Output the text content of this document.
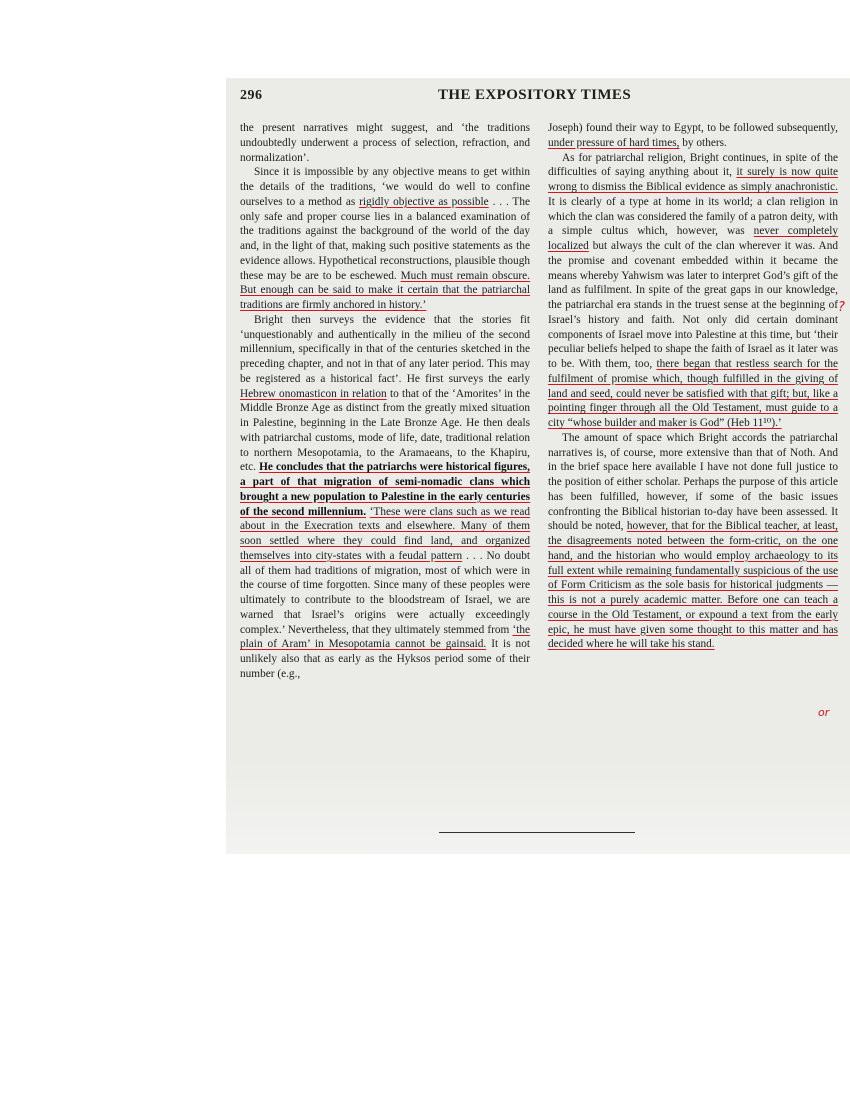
296	THE EXPOSITORY TIMES

the present narratives might suggest, and ‘the traditions undoubtedly underwent a process of selection, refraction, and normalization’.

Since it is impossible by any objective means to get within the details of the traditions, ‘we would do well to confine ourselves to a method as rigidly objective as possible . . . The only safe and proper course lies in a balanced examination of the traditions against the background of the world of the day and, in the light of that, making such positive statements as the evidence allows. Hypothetical reconstructions, plausible though these may be are to be eschewed. Much must remain obscure. But enough can be said to make it certain that the patriarchal traditions are firmly anchored in history.’

Bright then surveys the evidence that the stories fit ‘unquestionably and authentically in the milieu of the second millennium, specifically in that of the centuries sketched in the preceding chapter, and not in that of any later period. This may be registered as a historical fact’. He first surveys the early Hebrew onomasticon in relation to that of the ‘Amorites’ in the Middle Bronze Age as distinct from the greatly mixed situation in Palestine, beginning in the Late Bronze Age. He then deals with patriarchal customs, mode of life, date, traditional relation to northern Mesopotamia, to the Aramaeans, to the Khapiru, etc. He concludes that the patriarchs were historical figures, a part of that migration of semi-nomadic clans which brought a new population to Palestine in the early centuries of the second millennium. ‘These were clans such as we read about in the Execration texts and elsewhere. Many of them soon settled where they could find land, and organized themselves into city-states with a feudal pattern . . . No doubt all of them had traditions of migration, most of which were in the course of time forgotten. Since many of these peoples were ultimately to contribute to the bloodstream of Israel, we are warned that Israel’s origins were actually exceedingly complex.’ Nevertheless, that they ultimately stemmed from ‘the plain of Aram’ in Mesopotamia cannot be gainsaid. It is not unlikely also that as early as the Hyksos period some of their number (e.g.,

Joseph) found their way to Egypt, to be followed subsequently, under pressure of hard times, by others.

As for patriarchal religion, Bright continues, in spite of the difficulties of saying anything about it, it surely is now quite wrong to dismiss the Biblical evidence as simply anachronistic. It is clearly of a type at home in its world; a clan religion in which the clan was considered the family of a patron deity, with a simple cultus which, however, was never completely localized but always the cult of the clan wherever it was. And the promise and covenant embedded within it became the means whereby Yahwism was later to interpret God’s gift of the land as fulfilment. In spite of the great gaps in our knowledge, the patriarchal era stands in the truest sense at the beginning of Israel’s history and faith. Not only did certain dominant components of Israel move into Palestine at this time, but ‘their peculiar beliefs helped to shape the faith of Israel as it later was to be. With them, too, there began that restless search for the fulfilment of promise which, though fulfilled in the giving of land and seed, could never be satisfied with that gift; but, like a pointing finger through all the Old Testament, must guide to a city “whose builder and maker is God” (Heb 11¹⁰).’

The amount of space which Bright accords the patriarchal narratives is, of course, more extensive than that of Noth. And in the brief space here available I have not done full justice to the position of either scholar. Perhaps the purpose of this article has been fulfilled, however, if some of the basic issues confronting the Biblical historian to-day have been assessed. It should be noted, however, that for the Biblical teacher, at least, the disagreements noted between the form-critic, on the one hand, and the historian who would employ archaeology to its full extent while remaining fundamentally suspicious of the use of Form Criticism as the sole basis for historical judgments —this is not a purely academic matter. Before one can teach a course in the Old Testament, or expound a text from the early epic, he must have given some thought to this matter and has decided where he will take his stand.

?
or
